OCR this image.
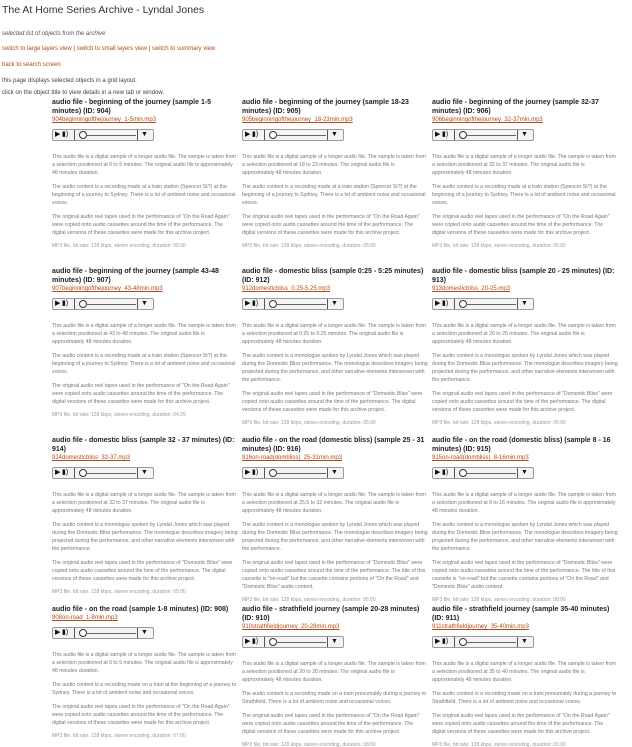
The At Home Series Archive - Lyndal Jones
selected list of objects from the archive
switch to large layers view | switch to small layers view | switch to summary view
back to search screen
this page displays selected objects in a grid layout.
click on the object title to view details in a new tab or window.
audio file - beginning of the journey (sample 1-5 minutes) (ID: 904)
904beginningofthejourney_1-5min.mp3
▶ ▮)	▼

This audio file is a digital sample of a longer audio file. The sample is taken from a selection positioned at 0 to 5 minutes. The original audio file is approximately 48 minutes duration.

The audio content is a recording made at a train station (Spencer St?) at the beginning of a journey to Sydney. There is a lot of ambient noise and occasional voices.

The original audio reel tapes used in the performance of "On the Road Again" were copied onto audio cassettes around the time of the performance. The digital versions of these cassettes were made for this archive project.

MP3 file, bit rate: 128 kbps, stereo encoding, duration: 05:00
audio file - beginning of the journey (sample 18-23 minutes) (ID: 905)
905beginningofthejourney_18-23min.mp3
▶ ▮)	▼

This audio file is a digital sample of a longer audio file. The sample is taken from a selection positioned at 18 to 23 minutes. The original audio file is approximately 48 minutes duration.

The audio content is a recording made at a train station (Spencer St?) at the beginning of a journey to Sydney. There is a lot of ambient noise and occasional voices.

The original audio reel tapes used in the performance of "On the Road Again" were copied onto audio cassettes around the time of the performance. The digital versions of these cassettes were made for this archive project.

MP3 file, bit rate: 128 kbps, stereo encoding, duration: 05:00
audio file - beginning of the journey (sample 32-37 minutes) (ID: 906)
906beginningofthejourney_32-37min.mp3
▶ ▮)	▼

This audio file is a digital sample of a longer audio file. The sample is taken from a selection positioned at 32 to 37 minutes. The original audio file is approximately 48 minutes duration.

The audio content is a recording made at a train station (Spencer St?) at the beginning of a journey to Sydney. There is a lot of ambient noise and occasional voices.

The original audio reel tapes used in the performance of "On the Road Again" were copied onto audio cassettes around the time of the performance. The digital versions of these cassettes were made for this archive project.

MP3 file, bit rate: 128 kbps, stereo encoding, duration: 05:00
audio file - beginning of the journey (sample 43-48 minutes) (ID: 907)
907beginningofthejourney_43-48min.mp3
▶ ▮)	▼

This audio file is a digital sample of a longer audio file. The sample is taken from a selection positioned at 43 to 48 minutes. The original audio file is approximately 48 minutes duration.

The audio content is a recording made at a train station (Spencer St?) at the beginning of a journey to Sydney. There is a lot of ambient noise and occasional voices.

The original audio reel tapes used in the performance of "On the Road Again" were copied onto audio cassettes around the time of the performance. The digital versions of these cassettes were made for this archive project.

MP3 file, bit rate: 128 kbps, stereo encoding, duration: 04:25
audio file - domestic bliss (sample 0:25 - 5:25 minutes) (ID: 912)
912domesticbliss_0.25-5.25.mp3
▶ ▮)	▼

This audio file is a digital sample of a longer audio file. The sample is taken from a selection positioned at 0:25 to 5:25 minutes. The original audio file is approximately 48 minutes duration.

The audio content is a monologue spoken by Lyndal Jones which was played during the Domestic Bliss performance. The monologue describes imagery being projected during the performance, and other narrative elements interwoven with the performance.

The original audio reel tapes used in the performance of "Domestic Bliss" were copied onto audio cassettes around the time of the performance. The digital versions of these cassettes were made for this archive project.

MP3 file, bit rate: 128 kbps, stereo encoding, duration: 05:00
audio file - domestic bliss (sample 20 - 25 minutes) (ID: 913)
913domesticbliss_20-25.mp3
▶ ▮)	▼

This audio file is a digital sample of a longer audio file. The sample is taken from a selection positioned at 20 to 25 minutes. The original audio file is approximately 48 minutes duration.

The audio content is a monologue spoken by Lyndal Jones which was played during the Domestic Bliss performance. The monologue describes imagery being projected during the performance, and other narrative elements interwoven with the performance.

The original audio reel tapes used in the performance of "Domestic Bliss" were copied onto audio cassettes around the time of the performance. The digital versions of these cassettes were made for this archive project.

MP3 file, bit rate: 128 kbps, stereo encoding, duration: 05:00
audio file - domestic bliss (sample 32 - 37 minutes) (ID: 914)
914domesticbliss_32-37.mp3
▶ ▮)	▼

This audio file is a digital sample of a longer audio file. The sample is taken from a selection positioned at 32 to 37 minutes. The original audio file is approximately 48 minutes duration.

The audio content is a monologue spoken by Lyndal Jones which was played during the Domestic Bliss performance. The monologue describes imagery being projected during the performance, and other narrative elements interwoven with the performance.

The original audio reel tapes used in the performance of "Domestic Bliss" were copied onto audio cassettes around the time of the performance. The digital versions of these cassettes were made for this archive project.

MP3 file, bit rate: 128 kbps, stereo encoding, duration: 05:00
audio file - on the road (domestic bliss) (sample 25 - 31 minutes) (ID: 916)
916on-road(dombliss)_25-31min.mp3
▶ ▮)	▼

This audio file is a digital sample of a longer audio file. The sample is taken from a selection positioned at 25.5 to 32 minutes. The original audio file is approximately 48 minutes duration.

The audio content is a monologue spoken by Lyndal Jones which was played during the Domestic Bliss performance. The monologue describes imagery being projected during the performance, and other narrative elements interwoven with the performance.

The original audio reel tapes used in the performance of "Domestic Bliss" were copied onto audio cassettes around the time of the performance. The title of this cassette is "on-road" but the cassette contains portions of "On the Road" and "Domestic Bliss" audio content.

MP3 file, bit rate: 128 kbps, stereo encoding, duration: 06:00
audio file - on the road (domestic bliss) (sample 8 - 16 minutes) (ID: 915)
915on-road(dombliss)_8-16min.mp3
▶ ▮)	▼

This audio file is a digital sample of a longer audio file. The sample is taken from a selection positioned at 8 to 16 minutes. The original audio file is approximately 48 minutes duration.

The audio content is a monologue spoken by Lyndal Jones which was played during the Domestic Bliss performance. The monologue describes imagery being projected during the performance, and other narrative elements interwoven with the performance.

The original audio reel tapes used in the performance of "Domestic Bliss" were copied onto audio cassettes around the time of the performance. The title of this cassette is "on-road" but the cassette contains portions of "On the Road" and "Domestic Bliss" audio content.

MP3 file, bit rate: 128 kbps, stereo encoding, duration: 08:00
audio file - on the road (sample 1-8 minutes) (ID: 908)
908on-road_1-8min.mp3
▶ ▮)	▼

This audio file is a digital sample of a longer audio file. The sample is taken from a selection positioned at 0 to 5 minutes. The original audio file is approximately 48 minutes duration.

The audio content is a recording made on a train at the beginning of a journey to Sydney. There is a lot of ambient noise and occasional voices.

The original audio reel tapes used in the performance of "On the Road Again" were copied onto audio cassettes around the time of the performance. The digital versions of these cassettes were made for this archive project.

MP3 file, bit rate: 128 kbps, stereo encoding, duration: 07:00
audio file - strathfield journey (sample 20-28 minutes) (ID: 910)
910strathfieldjourney_20-28min.mp3
▶ ▮)	▼

This audio file is a digital sample of a longer audio file. The sample is taken from a selection positioned at 20 to 28 minutes. The original audio file is approximately 48 minutes duration.

The audio content is a recording made on a train presumably during a journey to Strathfield. There is a lot of ambient noise and occasional voices.

The original audio reel tapes used in the performance of "On the Road Again" were copied onto audio cassettes around the time of the performance. The digital versions of these cassettes were made for this archive project.

MP3 file, bit rate: 128 kbps, stereo encoding, duration: 08:00
audio file - strathfield journey (sample 35-40 minutes) (ID: 911)
911strathfieldjourney_35-40min.mp3
▶ ▮)	▼

This audio file is a digital sample of a longer audio file. The sample is taken from a selection positioned at 35 to 40 minutes. The original audio file is approximately 48 minutes duration.

The audio content is a recording made on a train presumably during a journey to Strathfield. There is a lot of ambient noise and occasional voices.

The original audio reel tapes used in the performance of "On the Road Again" were copied onto audio cassettes around the time of the performance. The digital versions of these cassettes were made for this archive project.

MP3 file, bit rate: 128 kbps, stereo encoding, duration: 05:00
